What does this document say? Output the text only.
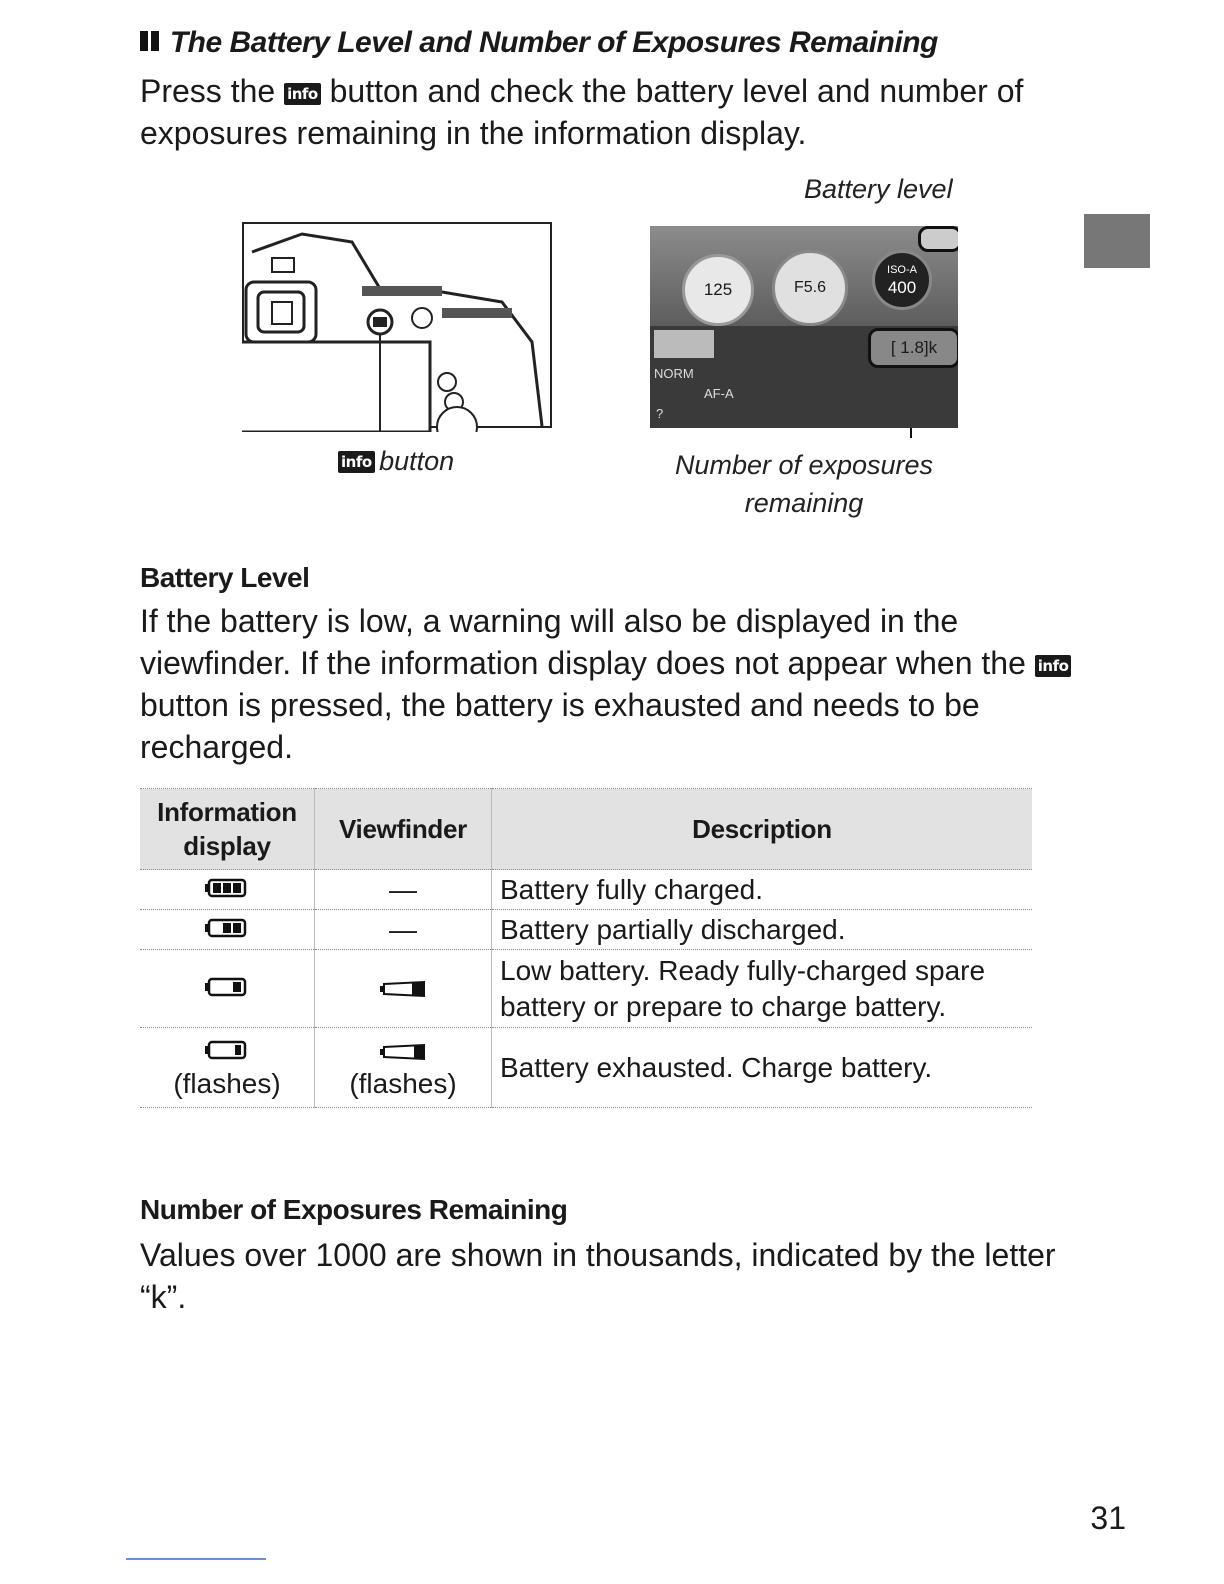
The Battery Level and Number of Exposures Remaining
Press the info button and check the battery level and number of exposures remaining in the information display.
Battery level
info button
125	F5.6
ISO-A
400
[ 1.8]k
NORM
AF-A
?
Number of exposures remaining
Battery Level
If the battery is low, a warning will also be displayed in the viewfinder. If the information display does not appear when the info button is pressed, the battery is exhausted and needs to be recharged.
Information display	Viewfinder	Description
	—	Battery fully charged.
	—	Battery partially discharged.
		Low battery. Ready fully-charged spare battery or prepare to charge battery.

(flashes)	(flashes)	Battery exhausted. Charge battery.
Number of Exposures Remaining
Values over 1000 are shown in thousands, indicated by the letter “k”.
31
